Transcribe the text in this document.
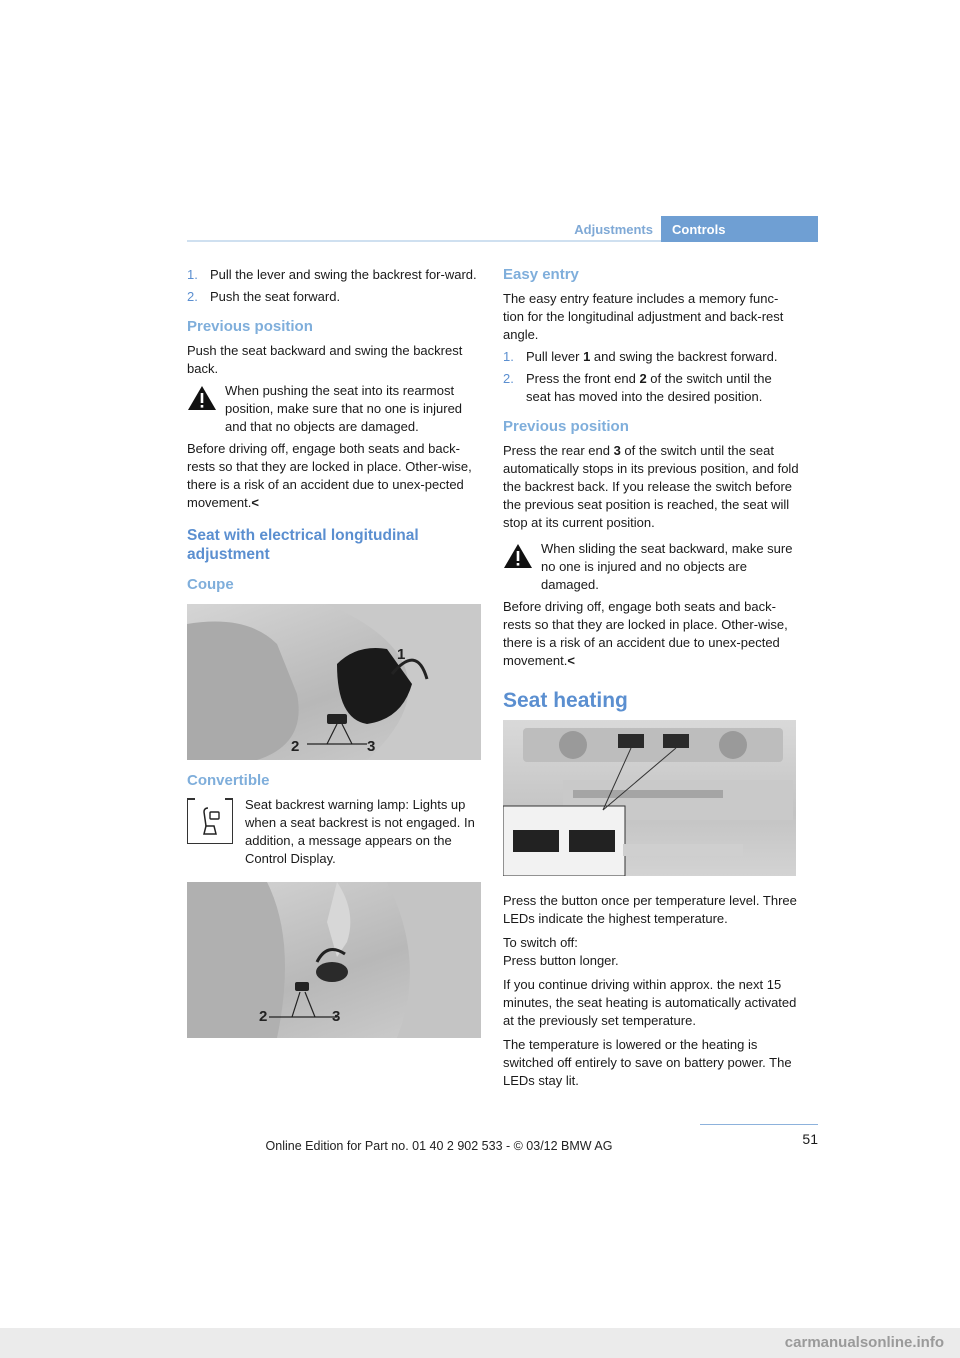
Adjustments	Controls
1. Pull the lever and swing the backrest for-ward.
2. Push the seat forward.
Previous position

Push the seat backward and swing the backrest back.

When pushing the seat into its rearmost position, make sure that no one is injured and that no objects are damaged.

Before driving off, engage both seats and back-rests so that they are locked in place. Other-wise, there is a risk of an accident due to unex-pected movement.<

Seat with electrical longitudinal adjustment
Coupe
1
2	3
Convertible

Seat backrest warning lamp: Lights up when a seat backrest is not engaged. In addition, a message appears on the Control Display.

2	3
Easy entry

The easy entry feature includes a memory func-tion for the longitudinal adjustment and back-rest angle.

1. Pull lever 1 and swing the backrest forward.
2. Press the front end 2 of the switch until the seat has moved into the desired position.
Previous position

Press the rear end 3 of the switch until the seat automatically stops in its previous position, and fold the backrest back. If you release the switch before the previous seat position is reached, the seat will stop at its current position.

When sliding the seat backward, make sure no one is injured and no objects are damaged.

Before driving off, engage both seats and back-rests so that they are locked in place. Other-wise, there is a risk of an accident due to unex-pected movement.<

Seat heating

Press the button once per temperature level. Three LEDs indicate the highest temperature.

To switch off:

Press button longer.

If you continue driving within approx. the next 15 minutes, the seat heating is automatically activated at the previously set temperature.

The temperature is lowered or the heating is switched off entirely to save on battery power. The LEDs stay lit.

51
Online Edition for Part no. 01 40 2 902 533 - © 03/12 BMW AG
carmanualsonline.info
